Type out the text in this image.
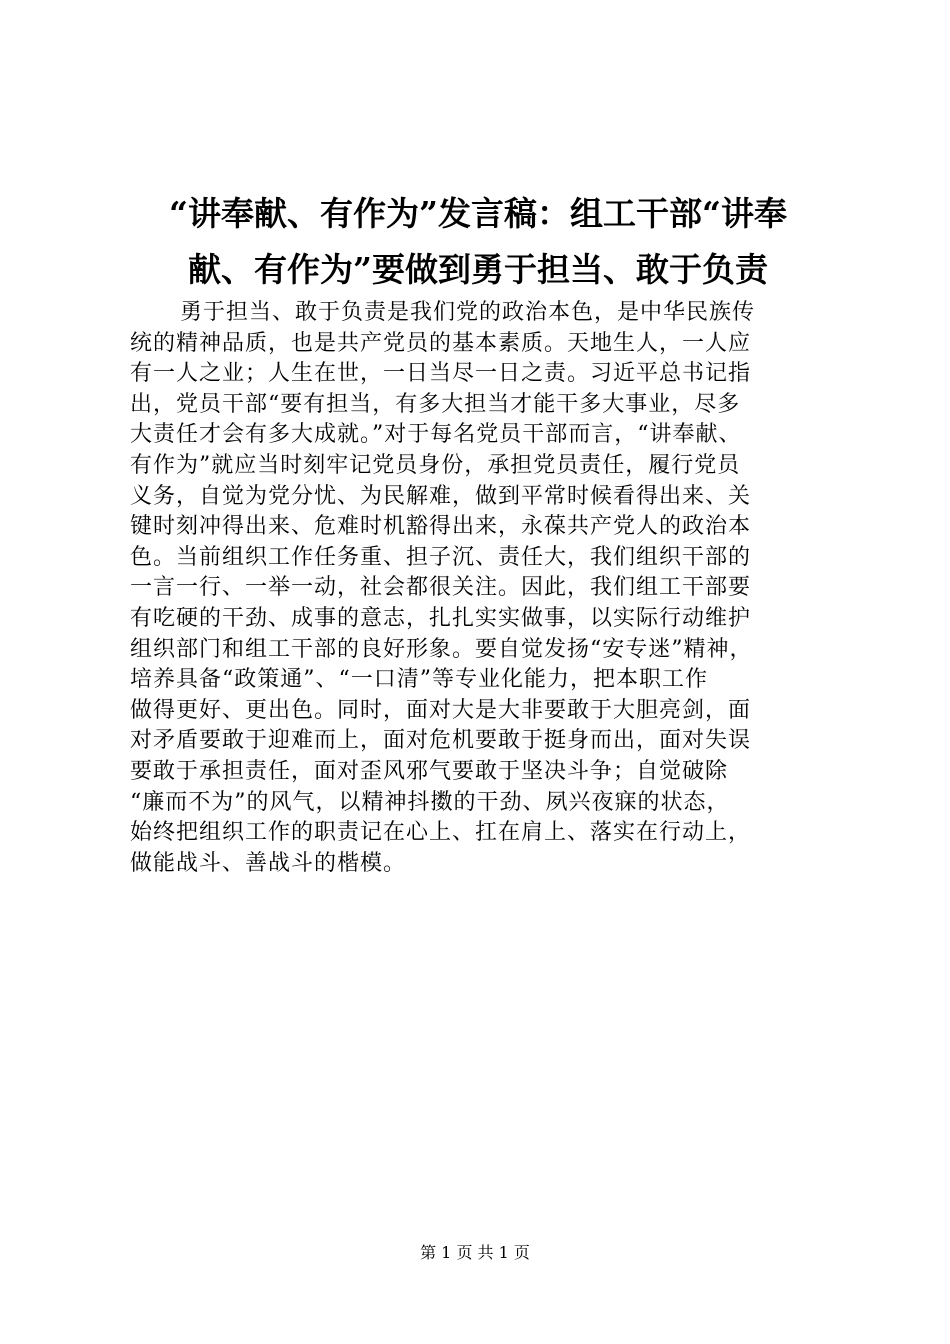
“讲奉献、有作为”发言稿：组工干部“讲奉
献、有作为”要做到勇于担当、敢于负责
勇于担当、敢于负责是我们党的政治本色，是中华民族传
统的精神品质，也是共产党员的基本素质。天地生人，一人应
有一人之业；人生在世，一日当尽一日之责。习近平总书记指
出，党员干部“要有担当，有多大担当才能干多大事业，尽多
大责任才会有多大成就。”对于每名党员干部而言，“讲奉献、
有作为”就应当时刻牢记党员身份，承担党员责任，履行党员
义务，自觉为党分忧、为民解难，做到平常时候看得出来、关
键时刻冲得出来、危难时机豁得出来，永葆共产党人的政治本
色。当前组织工作任务重、担子沉、责任大，我们组织干部的
一言一行、一举一动，社会都很关注。因此，我们组工干部要
有吃硬的干劲、成事的意志，扎扎实实做事，以实际行动维护
组织部门和组工干部的良好形象。要自觉发扬“安专迷”精神，
培养具备“政策通”、“一口清”等专业化能力，把本职工作
做得更好、更出色。同时，面对大是大非要敢于大胆亮剑，面
对矛盾要敢于迎难而上，面对危机要敢于挺身而出，面对失误
要敢于承担责任，面对歪风邪气要敢于坚决斗争；自觉破除
“廉而不为”的风气，以精神抖擞的干劲、夙兴夜寐的状态，
始终把组织工作的职责记在心上、扛在肩上、落实在行动上，
做能战斗、善战斗的楷模。
第 1 页 共 1 页
